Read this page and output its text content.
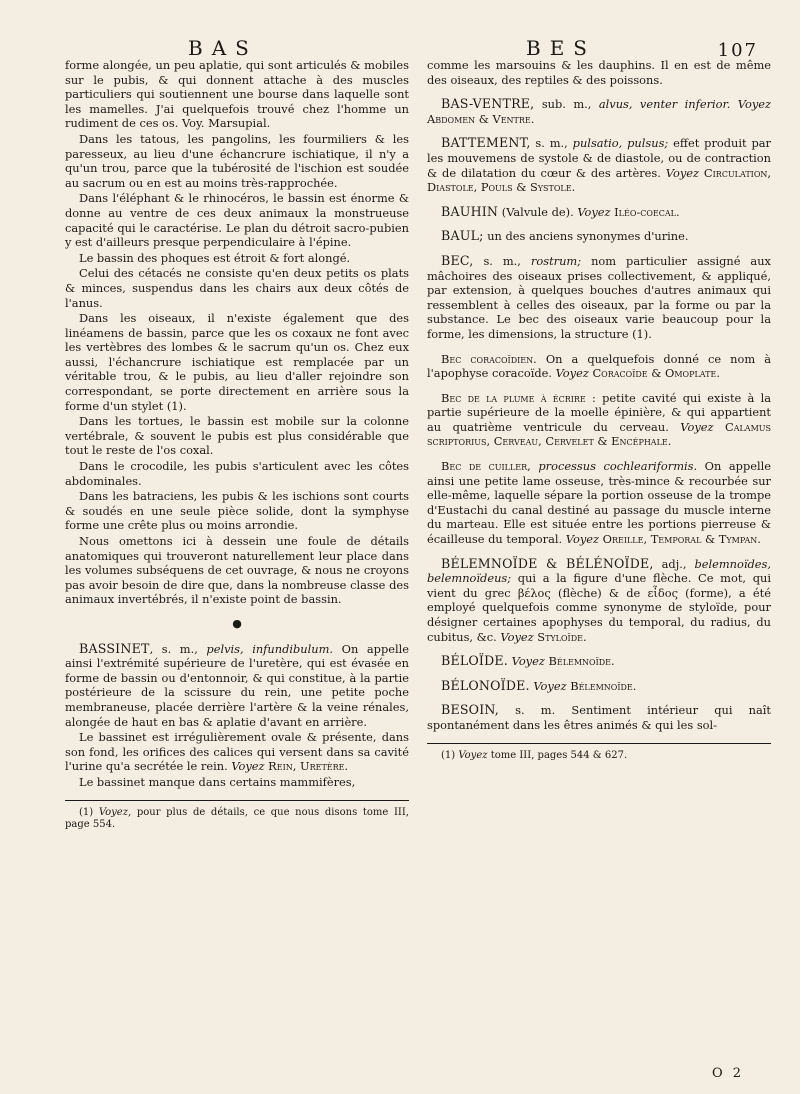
BAS	BES	107

forme alongée, un peu aplatie, qui sont articulés & mobiles sur le pubis, & qui donnent attache à des muscles particuliers qui soutiennent une bourse dans laquelle sont les mamelles. J'ai quelquefois trouvé chez l'homme un rudiment de ces os. Voy. Marsupial.

Dans les tatous, les pangolins, les fourmiliers & les paresseux, au lieu d'une échancrure ischiatique, il n'y a qu'un trou, parce que la tubérosité de l'ischion est soudée au sacrum ou en est au moins très-rapprochée.

Dans l'éléphant & le rhinocéros, le bassin est énorme & donne au ventre de ces deux animaux la monstrueuse capacité qui le caractérise. Le plan du détroit sacro-pubien y est d'ailleurs presque perpendiculaire à l'épine.

Le bassin des phoques est étroit & fort alongé.

Celui des cétacés ne consiste qu'en deux petits os plats & minces, suspendus dans les chairs aux deux côtés de l'anus.

Dans les oiseaux, il n'existe également que des linéamens de bassin, parce que les os coxaux ne font avec les vertèbres des lombes & le sacrum qu'un os. Chez eux aussi, l'échancrure ischiatique est remplacée par un véritable trou, & le pubis, au lieu d'aller rejoindre son correspondant, se porte directement en arrière sous la forme d'un stylet (1).

Dans les tortues, le bassin est mobile sur la colonne vertébrale, & souvent le pubis est plus considérable que tout le reste de l'os coxal.

Dans le crocodile, les pubis s'articulent avec les côtes abdominales.

Dans les batraciens, les pubis & les ischions sont courts & soudés en une seule pièce solide, dont la symphyse forme une crête plus ou moins arrondie.

Nous omettons ici à dessein une foule de détails anatomiques qui trouveront naturellement leur place dans les volumes subséquens de cet ouvrage, & nous ne croyons pas avoir besoin de dire que, dans la nombreuse classe des animaux invertébrés, il n'existe point de bassin.

●

BASSINET, s. m., pelvis, infundibulum. On appelle ainsi l'extrémité supérieure de l'uretère, qui est évasée en forme de bassin ou d'entonnoir, & qui constitue, à la partie postérieure de la scissure du rein, une petite poche membraneuse, placée derrière l'artère & la veine rénales, alongée de haut en bas & aplatie d'avant en arrière.

Le bassinet est irrégulièrement ovale & présente, dans son fond, les orifices des calices qui versent dans sa cavité l'urine qu'a secrétée le rein. Voyez Rein, Uretère.

Le bassinet manque dans certains mammifères,

(1) Voyez, pour plus de détails, ce que nous disons tome III, page 554.

comme les marsouins & les dauphins. Il en est de même des oiseaux, des reptiles & des poissons.

BAS-VENTRE, sub. m., alvus, venter inferior. Voyez Abdomen & Ventre.

BATTEMENT, s. m., pulsatio, pulsus; effet produit par les mouvemens de systole & de diastole, ou de contraction & de dilatation du cœur & des artères. Voyez Circulation, Diastole, Pouls & Systole.

BAUHIN (Valvule de). Voyez Iléo-coecal.

BAUL; un des anciens synonymes d'urine.

BEC, s. m., rostrum; nom particulier assigné aux mâchoires des oiseaux prises collectivement, & appliqué, par extension, à quelques bouches d'autres animaux qui ressemblent à celles des oiseaux, par la forme ou par la substance. Le bec des oiseaux varie beaucoup pour la forme, les dimensions, la structure (1).

Bec coracoïdien. On a quelquefois donné ce nom à l'apophyse coracoïde. Voyez Coracoïde & Omoplate.

Bec de la plume à écrire : petite cavité qui existe à la partie supérieure de la moelle épinière, & qui appartient au quatrième ventricule du cerveau. Voyez Calamus scriptorius, Cerveau, Cervelet & Encéphale.

Bec de cuiller, processus cochleariformis. On appelle ainsi une petite lame osseuse, très-mince & recourbée sur elle-même, laquelle sépare la portion osseuse de la trompe d'Eustachi du canal destiné au passage du muscle interne du marteau. Elle est située entre les portions pierreuse & écailleuse du temporal. Voyez Oreille, Temporal & Tympan.

BÉLEMNOÏDE & BÉLÉNOÏDE, adj., belemnoïdes, belemnoïdeus; qui a la figure d'une flèche. Ce mot, qui vient du grec βέλος (flèche) & de εἶδος (forme), a été employé quelquefois comme synonyme de styloïde, pour désigner certaines apophyses du temporal, du radius, du cubitus, &c. Voyez Styloïde.

BÉLOÏDE. Voyez Bélemnoïde.

BÉLONOÏDE. Voyez Bélemnoïde.

BESOIN, s. m. Sentiment intérieur qui naît spontanément dans les êtres animés & qui les sol-

(1) Voyez tome III, pages 544 & 627.

O 2
